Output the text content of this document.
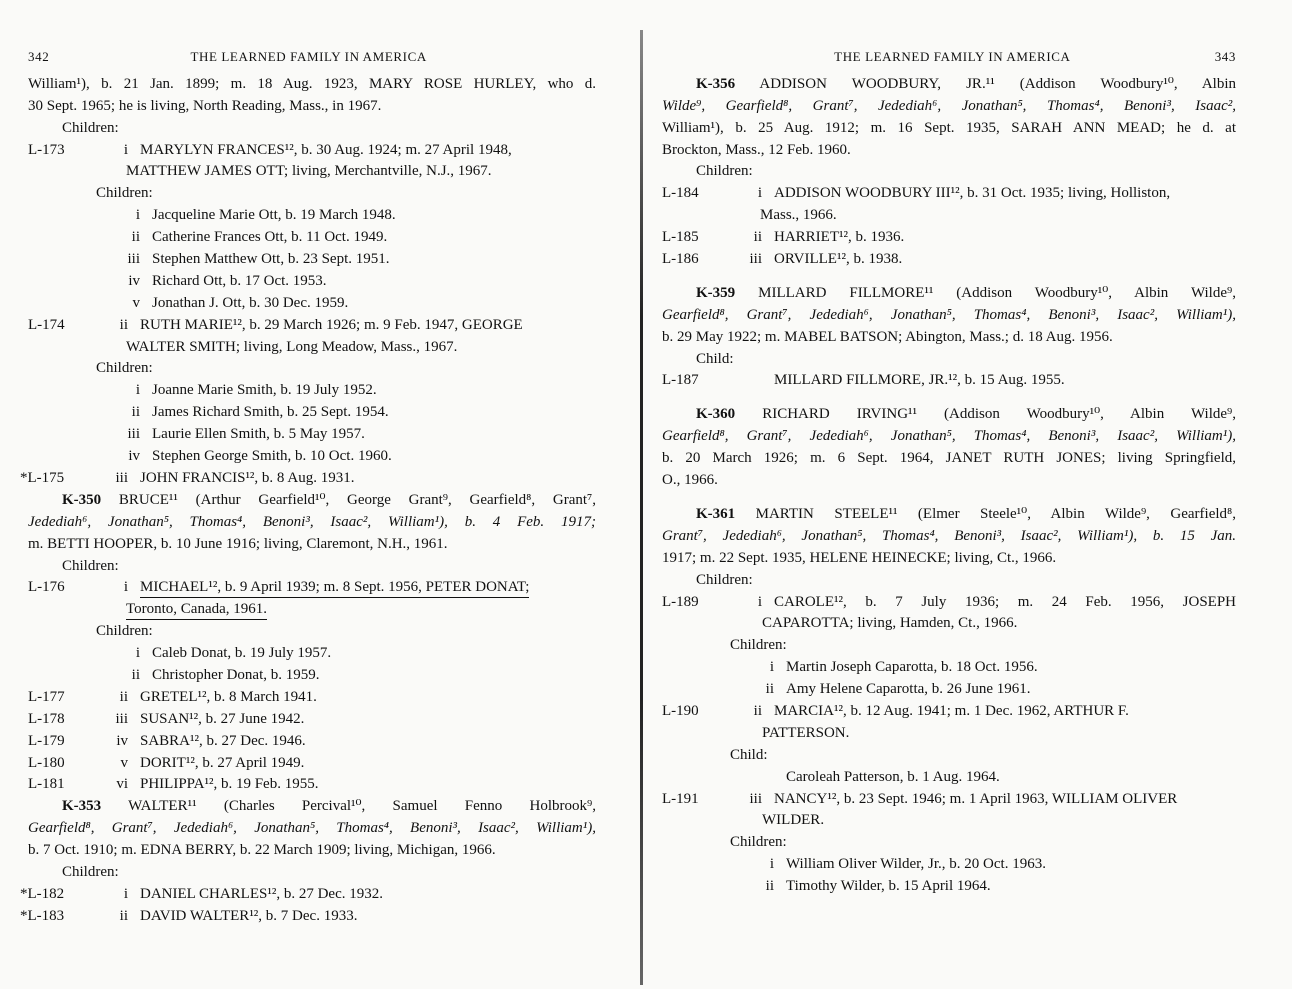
342	THE LEARNED FAMILY IN AMERICA
William¹), b. 21 Jan. 1899; m. 18 Aug. 1923, MARY ROSE HURLEY, who d.
30 Sept. 1965; he is living, North Reading, Mass., in 1967.
Children:
L-173	i MARYLYN FRANCES¹², b. 30 Aug. 1924; m. 27 April 1948,
MATTHEW JAMES OTT; living, Merchantville, N.J., 1967.
Children:
i Jacqueline Marie Ott, b. 19 March 1948.
ii Catherine Frances Ott, b. 11 Oct. 1949.
iii Stephen Matthew Ott, b. 23 Sept. 1951.
iv Richard Ott, b. 17 Oct. 1953.
v Jonathan J. Ott, b. 30 Dec. 1959.
L-174	ii RUTH MARIE¹², b. 29 March 1926; m. 9 Feb. 1947, GEORGE
WALTER SMITH; living, Long Meadow, Mass., 1967.
Children:
i Joanne Marie Smith, b. 19 July 1952.
ii James Richard Smith, b. 25 Sept. 1954.
iii Laurie Ellen Smith, b. 5 May 1957.
iv Stephen George Smith, b. 10 Oct. 1960.
*L-175	iii JOHN FRANCIS¹², b. 8 Aug. 1931.
K-350 BRUCE¹¹ (Arthur Gearfield¹⁰, George Grant⁹, Gearfield⁸, Grant⁷,
Jedediah⁶, Jonathan⁵, Thomas⁴, Benoni³, Isaac², William¹), b. 4 Feb. 1917;
m. BETTI HOOPER, b. 10 June 1916; living, Claremont, N.H., 1961.
Children:
L-176	i MICHAEL¹², b. 9 April 1939; m. 8 Sept. 1956, PETER DONAT;
Toronto, Canada, 1961.
Children:
i Caleb Donat, b. 19 July 1957.
ii Christopher Donat, b. 1959.
L-177	ii GRETEL¹², b. 8 March 1941.
L-178	iii SUSAN¹², b. 27 June 1942.
L-179	iv SABRA¹², b. 27 Dec. 1946.
L-180	v DORIT¹², b. 27 April 1949.
L-181	vi PHILIPPA¹², b. 19 Feb. 1955.
K-353 WALTER¹¹ (Charles Percival¹⁰, Samuel Fenno Holbrook⁹,
Gearfield⁸, Grant⁷, Jedediah⁶, Jonathan⁵, Thomas⁴, Benoni³, Isaac², William¹),
b. 7 Oct. 1910; m. EDNA BERRY, b. 22 March 1909; living, Michigan, 1966.
Children:
*L-182	i DANIEL CHARLES¹², b. 27 Dec. 1932.
*L-183	ii DAVID WALTER¹², b. 7 Dec. 1933.
THE LEARNED FAMILY IN AMERICA	343
K-356 ADDISON WOODBURY, JR.¹¹ (Addison Woodbury¹⁰, Albin
Wilde⁹, Gearfield⁸, Grant⁷, Jedediah⁶, Jonathan⁵, Thomas⁴, Benoni³, Isaac²,
William¹), b. 25 Aug. 1912; m. 16 Sept. 1935, SARAH ANN MEAD; he d. at
Brockton, Mass., 12 Feb. 1960.
Children:
L-184	i ADDISON WOODBURY III¹², b. 31 Oct. 1935; living, Holliston,
Mass., 1966.
L-185	ii HARRIET¹², b. 1936.
L-186	iii ORVILLE¹², b. 1938.
K-359 MILLARD FILLMORE¹¹ (Addison Woodbury¹⁰, Albin Wilde⁹,
Gearfield⁸, Grant⁷, Jedediah⁶, Jonathan⁵, Thomas⁴, Benoni³, Isaac², William¹),
b. 29 May 1922; m. MABEL BATSON; Abington, Mass.; d. 18 Aug. 1956.
Child:
L-187	MILLARD FILLMORE, JR.¹², b. 15 Aug. 1955.
K-360 RICHARD IRVING¹¹ (Addison Woodbury¹⁰, Albin Wilde⁹,
Gearfield⁸, Grant⁷, Jedediah⁶, Jonathan⁵, Thomas⁴, Benoni³, Isaac², William¹),
b. 20 March 1926; m. 6 Sept. 1964, JANET RUTH JONES; living Springfield,
O., 1966.
K-361 MARTIN STEELE¹¹ (Elmer Steele¹⁰, Albin Wilde⁹, Gearfield⁸,
Grant⁷, Jedediah⁶, Jonathan⁵, Thomas⁴, Benoni³, Isaac², William¹), b. 15 Jan.
1917; m. 22 Sept. 1935, HELENE HEINECKE; living, Ct., 1966.
Children:
L-189	i CAROLE¹², b. 7 July 1936; m. 24 Feb. 1956, JOSEPH
CAPAROTTA; living, Hamden, Ct., 1966.
Children:
i Martin Joseph Caparotta, b. 18 Oct. 1956.
ii Amy Helene Caparotta, b. 26 June 1961.
L-190	ii MARCIA¹², b. 12 Aug. 1941; m. 1 Dec. 1962, ARTHUR F.
PATTERSON.
Child:
Caroleah Patterson, b. 1 Aug. 1964.
L-191	iii NANCY¹², b. 23 Sept. 1946; m. 1 April 1963, WILLIAM OLIVER
WILDER.
Children:
i William Oliver Wilder, Jr., b. 20 Oct. 1963.
ii Timothy Wilder, b. 15 April 1964.
